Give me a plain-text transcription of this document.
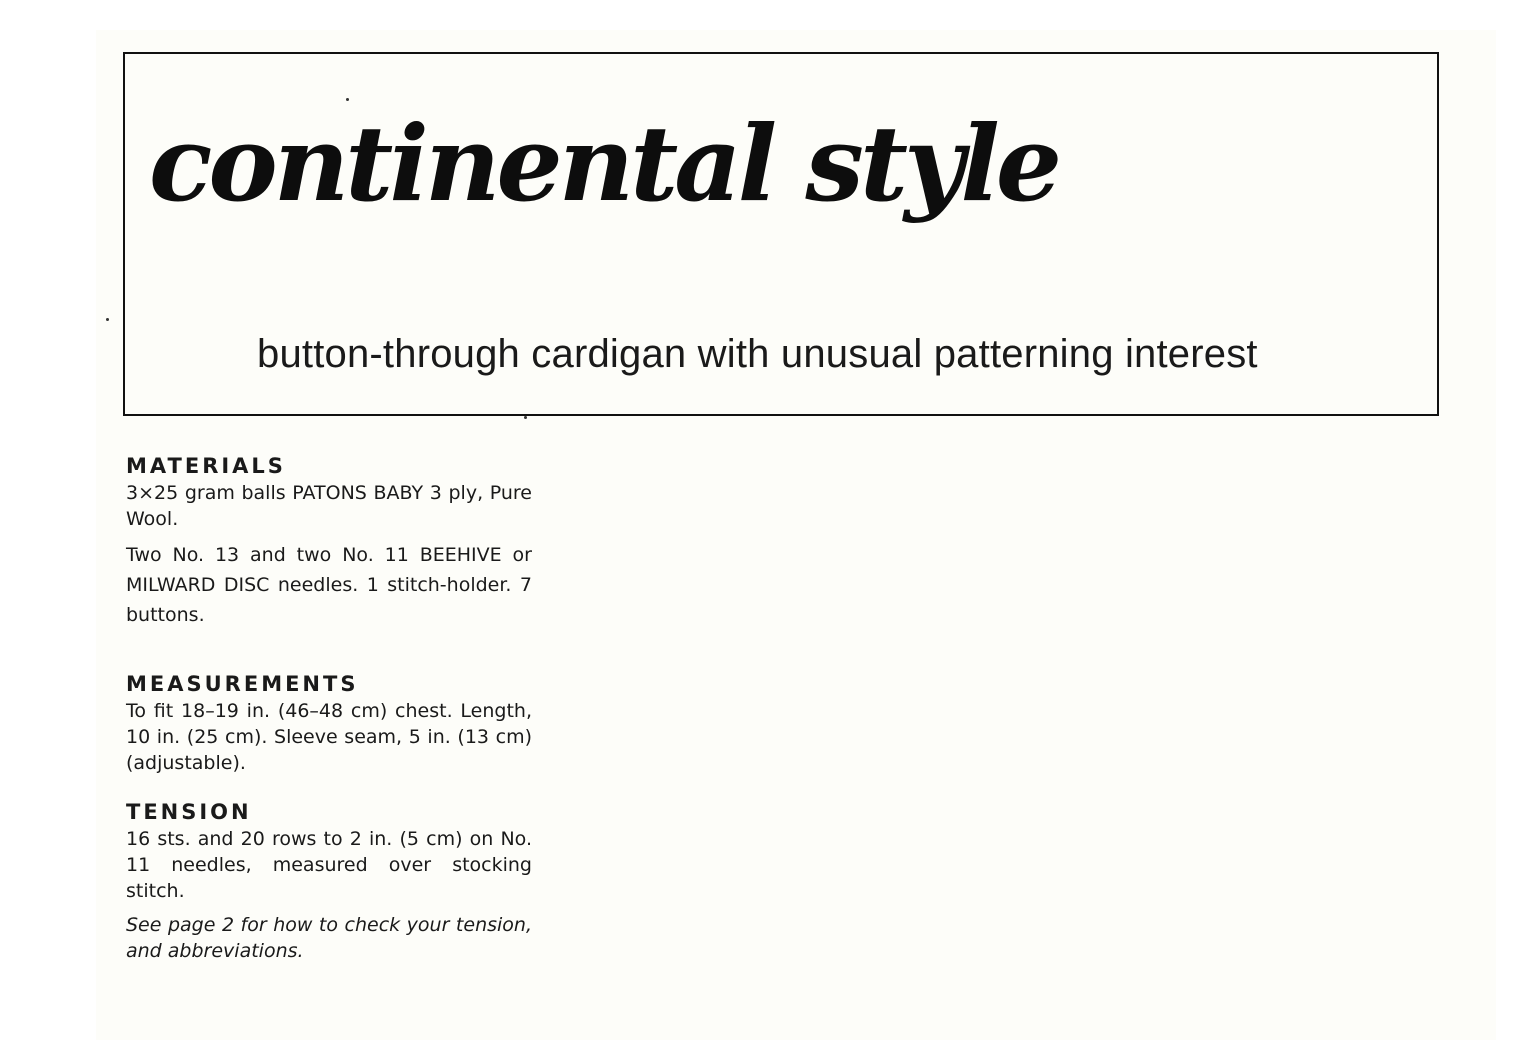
continental style

button-through cardigan with unusual patterning interest

MATERIALS

3×25 gram balls PATONS BABY 3 ply, Pure Wool.

Two No. 13 and two No. 11 BEEHIVE or MILWARD DISC needles. 1 stitch-holder. 7 buttons.

MEASUREMENTS

To fit 18–19 in. (46–48 cm) chest. Length, 10 in. (25 cm). Sleeve seam, 5 in. (13 cm) (adjustable).

TENSION

16 sts. and 20 rows to 2 in. (5 cm) on No. 11 needles, measured over stocking stitch.

See page 2 for how to check your tension, and abbreviations.
